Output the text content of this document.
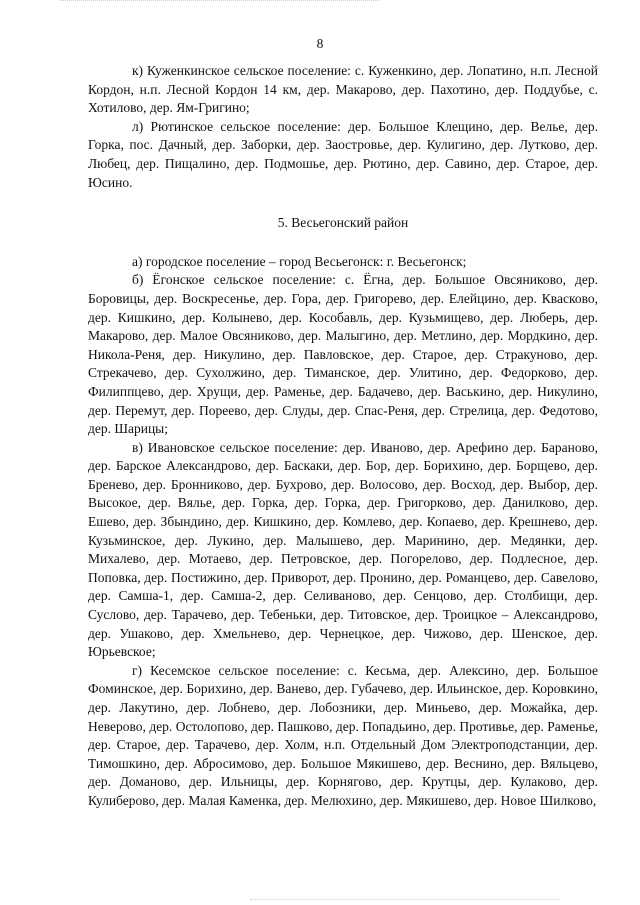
8

к) Куженкинское сельское поселение: с. Куженкино, дер. Лопатино, н.п. Лесной Кордон, н.п. Лесной Кордон 14 км, дер. Макарово, дер. Пахотино, дер. Поддубье, с. Хотилово, дер. Ям-Григино;

л) Рютинское сельское поселение: дер. Большое Клещино, дер. Велье, дер. Горка, пос. Дачный, дер. Заборки, дер. Заостровье, дер. Кулигино, дер. Лутково, дер. Любец, дер. Пищалино, дер. Подмошье, дер. Рютино, дер. Савино, дер. Старое, дер. Юсино.

5. Весьегонский район

а) городское поселение – город Весьегонск: г. Весьегонск;

б) Ёгонское сельское поселение: с. Ёгна, дер. Большое Овсяниково, дер. Боровицы, дер. Воскресенье, дер. Гора, дер. Григорево, дер. Елейцино, дер. Квасково, дер. Кишкино, дер. Колынево, дер. Кособавль, дер. Кузьмищево, дер. Люберь, дер. Макарово, дер. Малое Овсяниково, дер. Малыгино, дер. Метлино, дер. Мордкино, дер. Никола-Реня, дер. Никулино, дер. Павловское, дер. Старое, дер. Стракуново, дер. Стрекачево, дер. Сухолжино, дер. Тиманское, дер. Улитино, дер. Федорково, дер. Филиппцево, дер. Хрущи, дер. Раменье, дер. Бадачево, дер. Васькино, дер. Никулино, дер. Перемут, дер. Пореево, дер. Слуды, дер. Спас-Реня, дер. Стрелица, дер. Федотово, дер. Шарицы;

в) Ивановское сельское поселение: дер. Иваново, дер. Арефино дер. Бараново, дер. Барское Александрово, дер. Баскаки, дер. Бор, дер. Борихино, дер. Борщево, дер. Бренево, дер. Бронниково, дер. Бухрово, дер. Волосово, дер. Восход, дер. Выбор, дер. Высокое, дер. Вялье, дер. Горка, дер. Горка, дер. Григорково, дер. Данилково, дер. Ешево, дер. Збындино, дер. Кишкино, дер. Комлево, дер. Копаево, дер. Крешнево, дер. Кузьминское, дер. Лукино, дер. Малышево, дер. Маринино, дер. Медянки, дер. Михалево, дер. Мотаево, дер. Петровское, дер. Погорелово, дер. Подлесное, дер. Поповка, дер. Постижино, дер. Приворот, дер. Пронино, дер. Романцево, дер. Савелово, дер. Самша-1, дер. Самша-2, дер. Селиваново, дер. Сенцово, дер. Столбищи, дер. Суслово, дер. Тарачево, дер. Тебеньки, дер. Титовское, дер. Троицкое – Александрово, дер. Ушаково, дер. Хмельнево, дер. Чернецкое, дер. Чижово, дер. Шенское, дер. Юрьевское;

г) Кесемское сельское поселение: с. Кесьма, дер. Алексино, дер. Большое Фоминское, дер. Борихино, дер. Ванево, дер. Губачево, дер. Ильинское, дер. Коровкино, дер. Лакутино, дер. Лобнево, дер. Лобозники, дер. Миньево, дер. Можайка, дер. Неверово, дер. Остолопово, дер. Пашково, дер. Попадьино, дер. Противье, дер. Раменье, дер. Старое, дер. Тарачево, дер. Холм, н.п. Отдельный Дом Электроподстанции, дер. Тимошкино, дер. Абросимово, дер. Большое Мякишево, дер. Веснино, дер. Вяльцево, дер. Доманово, дер. Ильницы, дер. Корнягово, дер. Крутцы, дер. Кулаково, дер. Кулиберово, дер. Малая Каменка, дер. Мелюхино, дер. Мякишево, дер. Новое Шилково,
